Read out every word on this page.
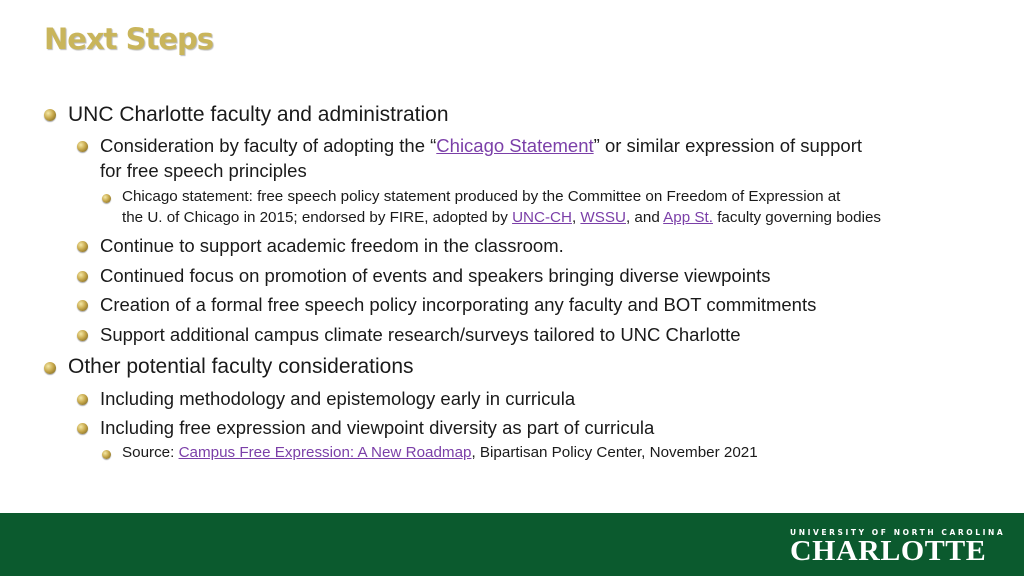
Next Steps
UNC Charlotte faculty and administration
Consideration by faculty of adopting the “Chicago Statement” or similar expression of support
for free speech principles
Chicago statement: free speech policy statement produced by the Committee on Freedom of Expression at
the U. of Chicago in 2015; endorsed by FIRE, adopted by UNC-CH, WSSU, and App St. faculty governing bodies
Continue to support academic freedom in the classroom.
Continued focus on promotion of events and speakers bringing diverse viewpoints
Creation of a formal free speech policy incorporating any faculty and BOT commitments
Support additional campus climate research/surveys tailored to UNC Charlotte
Other potential faculty considerations
Including methodology and epistemology early in curricula
Including free expression and viewpoint diversity as part of curricula
Source: Campus Free Expression: A New Roadmap, Bipartisan Policy Center, November 2021
UNIVERSITY OF NORTH CAROLINA
CHARLOTTE
